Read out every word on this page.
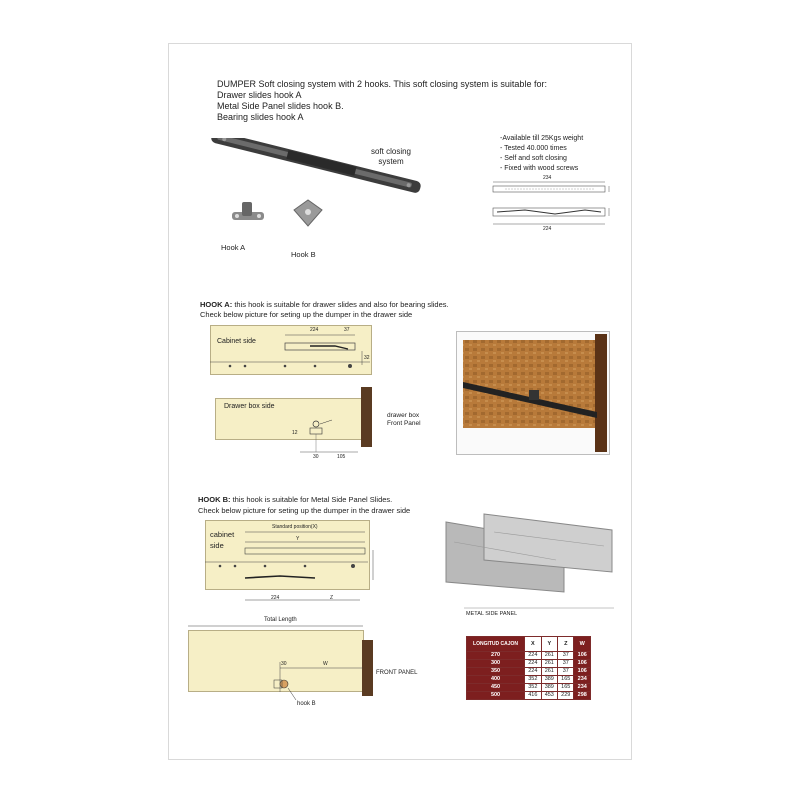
DUMPER Soft closing system with 2 hooks. This soft closing system is suitable for:
Drawer slides hook A
Metal Side Panel slides hook B.
Bearing slides hook A
soft closing
system
Hook A
Hook B
-Available till 25Kgs weight
- Tested 40.000 times
- Self and soft closing
- Fixed with wood screws
234
224
HOOK A: this hook is suitable for drawer slides and also for bearing slides.
Check below picture for seting up the dumper in the drawer side
Cabinet side
224	37
32
Drawer box side
drawer box
Front Panel
30	105
12
HOOK B: this hook is suitable for Metal Side Panel Slides.
Check below picture for seting up the dumper in the drawer side
cabinet
side
Standard position(X)
Y
224	Z
Total Length
30	W
FRONT PANEL
hook B
METAL SIDE PANEL
LONGITUD CAJON	X	Y	Z	W
270	224	261	37	106
300	224	261	37	106
350	224	261	37	106
400	352	389	165	234
450	352	389	165	234
500	416	453	229	298
